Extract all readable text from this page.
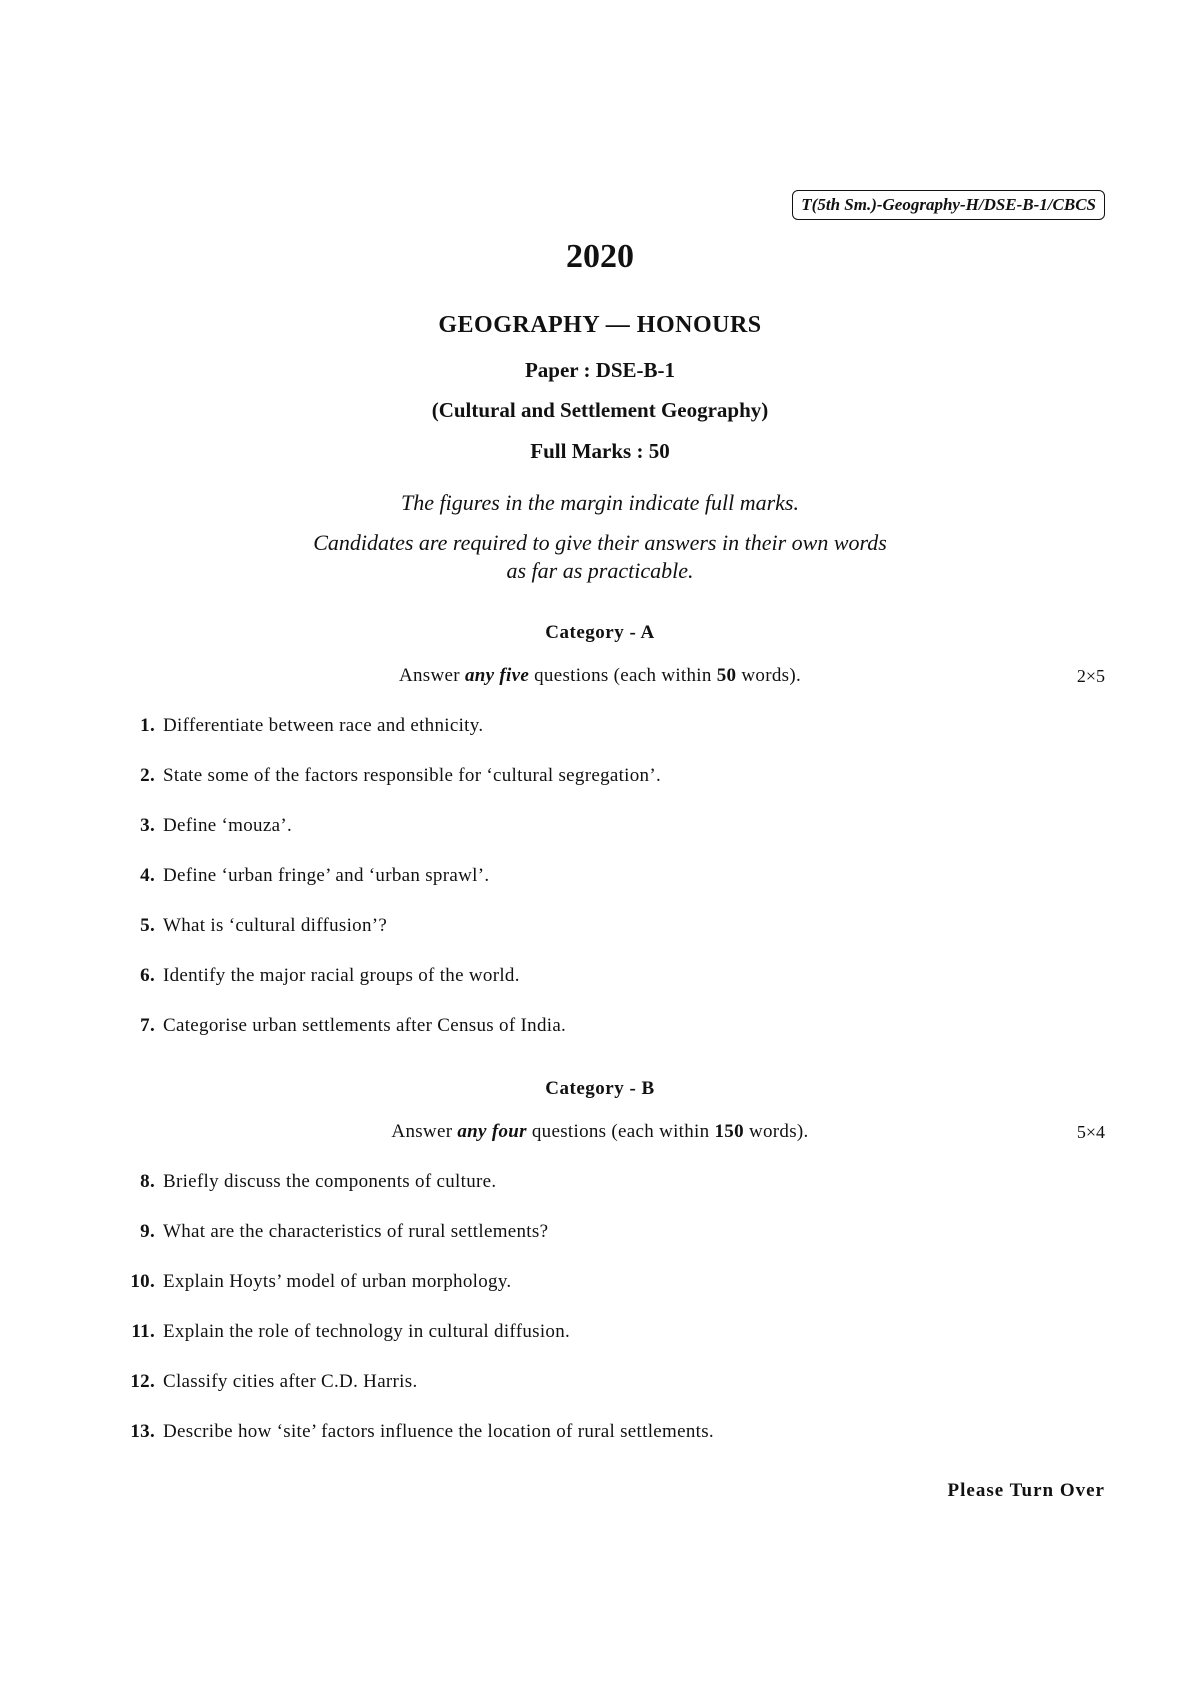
T(5th Sm.)-Geography-H/DSE-B-1/CBCS
2020
GEOGRAPHY — HONOURS
Paper : DSE-B-1
(Cultural and Settlement Geography)
Full Marks : 50
The figures in the margin indicate full marks.
Candidates are required to give their answers in their own words
as far as practicable.
Category - A
Answer any five questions (each within 50 words).	2×5
1. Differentiate between race and ethnicity.
2. State some of the factors responsible for ‘cultural segregation’.
3. Define ‘mouza’.
4. Define ‘urban fringe’ and ‘urban sprawl’.
5. What is ‘cultural diffusion’?
6. Identify the major racial groups of the world.
7. Categorise urban settlements after Census of India.
Category - B
Answer any four questions (each within 150 words).	5×4
8. Briefly discuss the components of culture.
9. What are the characteristics of rural settlements?
10. Explain Hoyts’ model of urban morphology.
11. Explain the role of technology in cultural diffusion.
12. Classify cities after C.D. Harris.
13. Describe how ‘site’ factors influence the location of rural settlements.
Please Turn Over
